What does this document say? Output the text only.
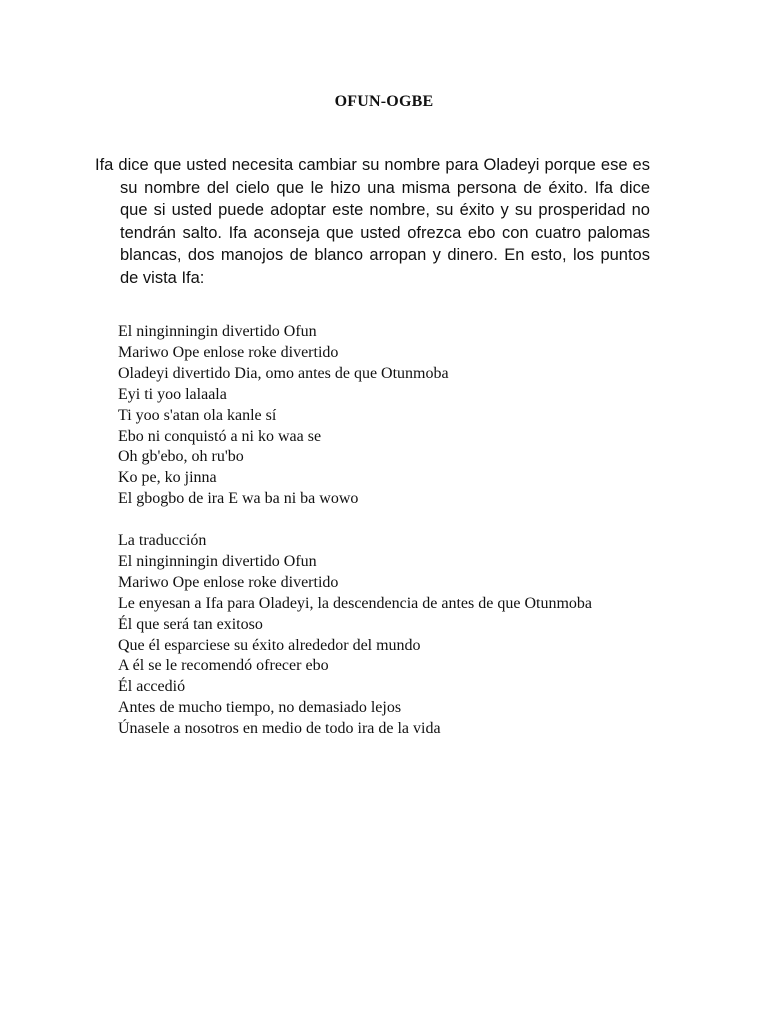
OFUN-OGBE

Ifa dice que usted necesita cambiar su nombre para Oladeyi porque ese es su nombre del cielo que le hizo una misma persona de éxito. Ifa dice que si usted puede adoptar este nombre, su éxito y su prosperidad no tendrán salto. Ifa aconseja que usted ofrezca ebo con cuatro palomas blancas, dos manojos de blanco arropan y dinero. En esto, los puntos de vista Ifa:

El ninginningin divertido Ofun
Mariwo Ope enlose roke divertido
Oladeyi divertido Dia, omo antes de que Otunmoba
Eyi ti yoo lalaala
Ti yoo s'atan ola kanle sí
Ebo ni conquistó a ni ko waa se
Oh gb'ebo, oh ru'bo
Ko pe, ko jinna
El gbogbo de ira E wa ba ni ba wowo
La traducción
El ninginningin divertido Ofun
Mariwo Ope enlose roke divertido
Le enyesan a Ifa para Oladeyi, la descendencia de antes de que Otunmoba
Él que será tan exitoso
Que él esparciese su éxito alrededor del mundo
A él se le recomendó ofrecer ebo
Él accedió
Antes de mucho tiempo, no demasiado lejos
Únasele a nosotros en medio de todo ira de la vida
